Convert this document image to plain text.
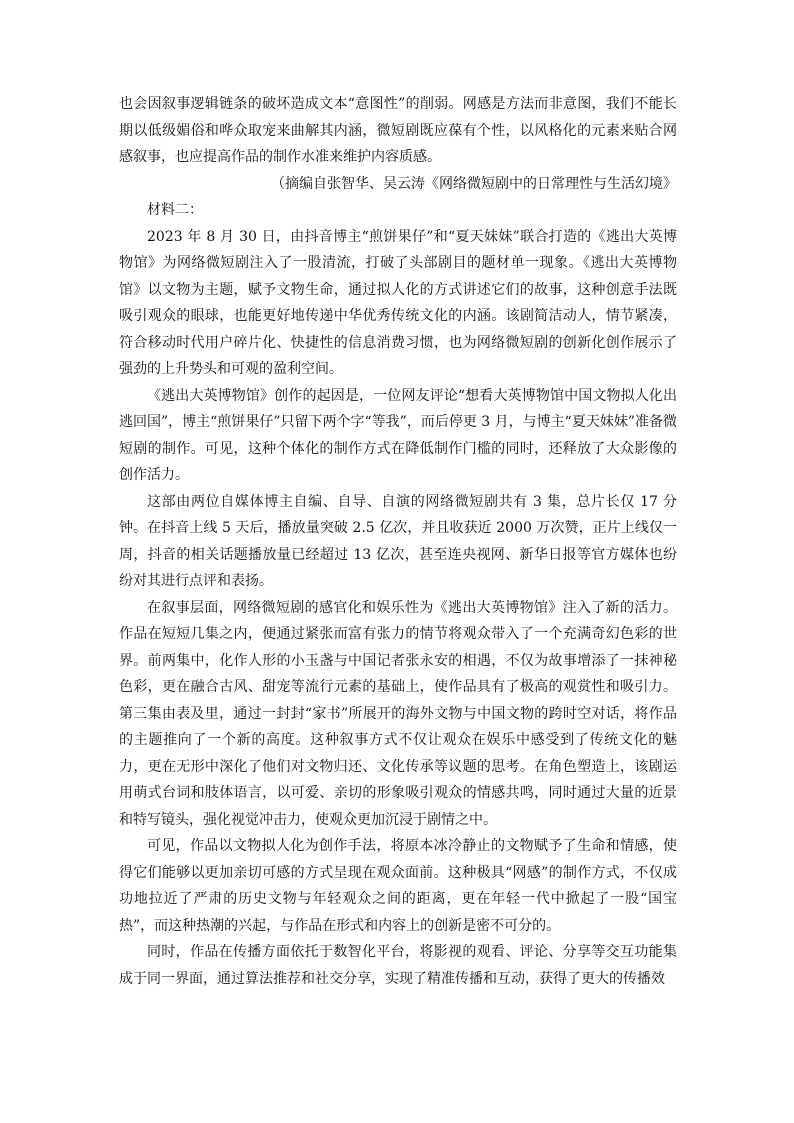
也会因叙事逻辑链条的破坏造成文本“意图性”的削弱。网感是方法而非意图，我们不能长期以低级媚俗和哗众取宠来曲解其内涵，微短剧既应葆有个性，以风格化的元素来贴合网感叙事，也应提高作品的制作水准来维护内容质感。

（摘编自张智华、吴云涛《网络微短剧中的日常理性与生活幻境》

材料二：

2023 年 8 月 30 日，由抖音博主“煎饼果仔”和“夏天妹妹”联合打造的《逃出大英博物馆》为网络微短剧注入了一股清流，打破了头部剧目的题材单一现象。《逃出大英博物馆》以文物为主题，赋予文物生命，通过拟人化的方式讲述它们的故事，这种创意手法既吸引观众的眼球，也能更好地传递中华优秀传统文化的内涵。该剧简洁动人，情节紧凑，符合移动时代用户碎片化、快捷性的信息消费习惯，也为网络微短剧的创新化创作展示了强劲的上升势头和可观的盈利空间。

《逃出大英博物馆》创作的起因是，一位网友评论“想看大英博物馆中国文物拟人化出逃回国”，博主“煎饼果仔”只留下两个字“等我”，而后停更 3 月，与博主“夏天妹妹”准备微短剧的制作。可见，这种个体化的制作方式在降低制作门槛的同时，还释放了大众影像的创作活力。

这部由两位自媒体博主自编、自导、自演的网络微短剧共有 3 集，总片长仅 17 分钟。在抖音上线 5 天后，播放量突破 2.5 亿次，并且收获近 2000 万次赞，正片上线仅一周，抖音的相关话题播放量已经超过 13 亿次，甚至连央视网、新华日报等官方媒体也纷纷对其进行点评和表扬。

在叙事层面，网络微短剧的感官化和娱乐性为《逃出大英博物馆》注入了新的活力。作品在短短几集之内，便通过紧张而富有张力的情节将观众带入了一个充满奇幻色彩的世界。前两集中，化作人形的小玉盏与中国记者张永安的相遇，不仅为故事增添了一抹神秘色彩，更在融合古风、甜宠等流行元素的基础上，使作品具有了极高的观赏性和吸引力。第三集由表及里，通过一封封“家书”所展开的海外文物与中国文物的跨时空对话，将作品的主题推向了一个新的高度。这种叙事方式不仅让观众在娱乐中感受到了传统文化的魅力，更在无形中深化了他们对文物归还、文化传承等议题的思考。在角色塑造上，该剧运用萌式台词和肢体语言，以可爱、亲切的形象吸引观众的情感共鸣，同时通过大量的近景和特写镜头，强化视觉冲击力，使观众更加沉浸于剧情之中。

可见，作品以文物拟人化为创作手法，将原本冰冷静止的文物赋予了生命和情感，使得它们能够以更加亲切可感的方式呈现在观众面前。这种极具“网感”的制作方式，不仅成功地拉近了严肃的历史文物与年轻观众之间的距离，更在年轻一代中掀起了一股“国宝热”，而这种热潮的兴起，与作品在形式和内容上的创新是密不可分的。

同时，作品在传播方面依托于数智化平台，将影视的观看、评论、分享等交互功能集成于同一界面，通过算法推荐和社交分享，实现了精准传播和互动，获得了更大的传播效
